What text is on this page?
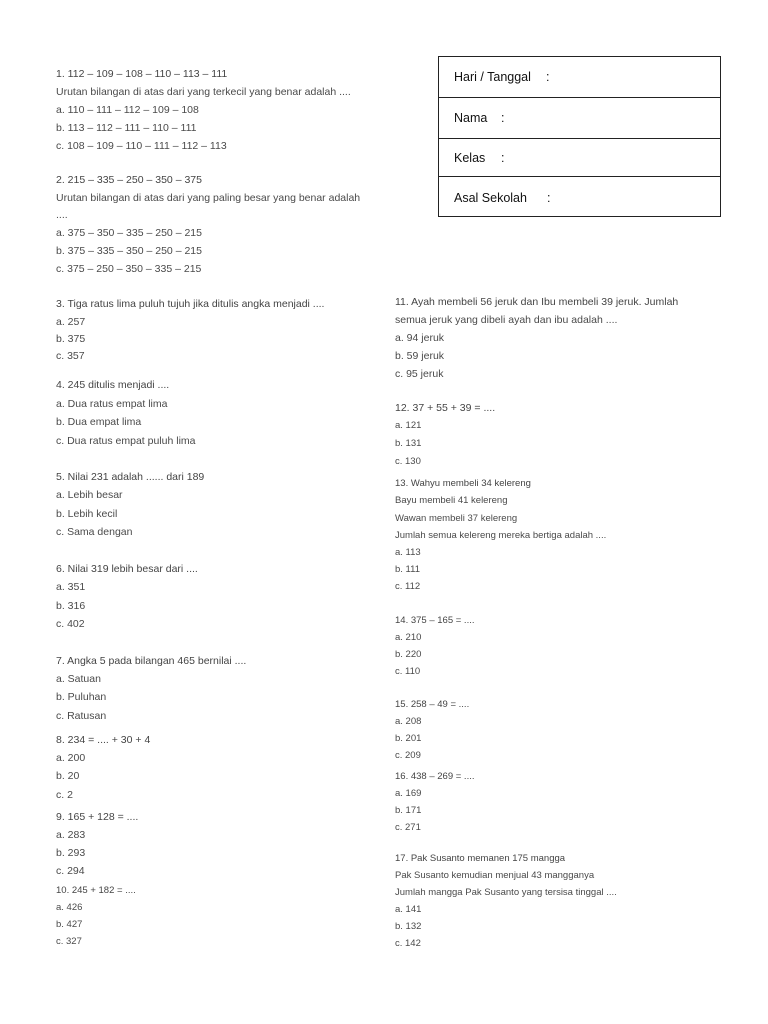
Hari / Tanggal :
Nama :
Kelas :
Asal Sekolah :
1. 112 – 109 – 108 – 110 – 113 – 111
Urutan bilangan di atas dari yang terkecil yang benar adalah ....
a. 110 – 111 – 112 – 109 – 108
b. 113 – 112 – 111 – 110 – 111
c. 108 – 109 – 110 – 111 – 112 – 113
2. 215 – 335 – 250 – 350 – 375
Urutan bilangan di atas dari yang paling besar yang benar adalah
....
a. 375 – 350 – 335 – 250 – 215
b. 375 – 335 – 350 – 250 – 215
c. 375 – 250 – 350 – 335 – 215
3. Tiga ratus lima puluh tujuh jika ditulis angka menjadi ....
a. 257
b. 375
c. 357
4. 245 ditulis menjadi ....
a. Dua ratus empat lima
b. Dua empat lima
c. Dua ratus empat puluh lima
5. Nilai 231 adalah ...... dari 189
a. Lebih besar
b. Lebih kecil
c. Sama dengan
6. Nilai 319 lebih besar dari ....
a. 351
b. 316
c. 402
7. Angka 5 pada bilangan 465 bernilai ....
a. Satuan
b. Puluhan
c. Ratusan
8. 234 = .... + 30 + 4
a. 200
b. 20
c. 2
9. 165 + 128 = ....
a. 283
b. 293
c. 294
10. 245 + 182 = ....
a. 426
b. 427
c. 327
11. Ayah membeli 56 jeruk dan Ibu membeli 39 jeruk. Jumlah
semua jeruk yang dibeli ayah dan ibu adalah ....
a. 94 jeruk
b. 59 jeruk
c. 95 jeruk
12. 37 + 55 + 39 = ....
a. 121
b. 131
c. 130
13. Wahyu membeli 34 kelereng
Bayu membeli 41 kelereng
Wawan membeli 37 kelereng
Jumlah semua kelereng mereka bertiga adalah ....
a. 113
b. 111
c. 112
14. 375 – 165 = ....
a. 210
b. 220
c. 110
15. 258 – 49 = ....
a. 208
b. 201
c. 209
16. 438 – 269 = ....
a. 169
b. 171
c. 271
17. Pak Susanto memanen 175 mangga
Pak Susanto kemudian menjual 43 mangganya
Jumlah mangga Pak Susanto yang tersisa tinggal ....
a. 141
b. 132
c. 142
